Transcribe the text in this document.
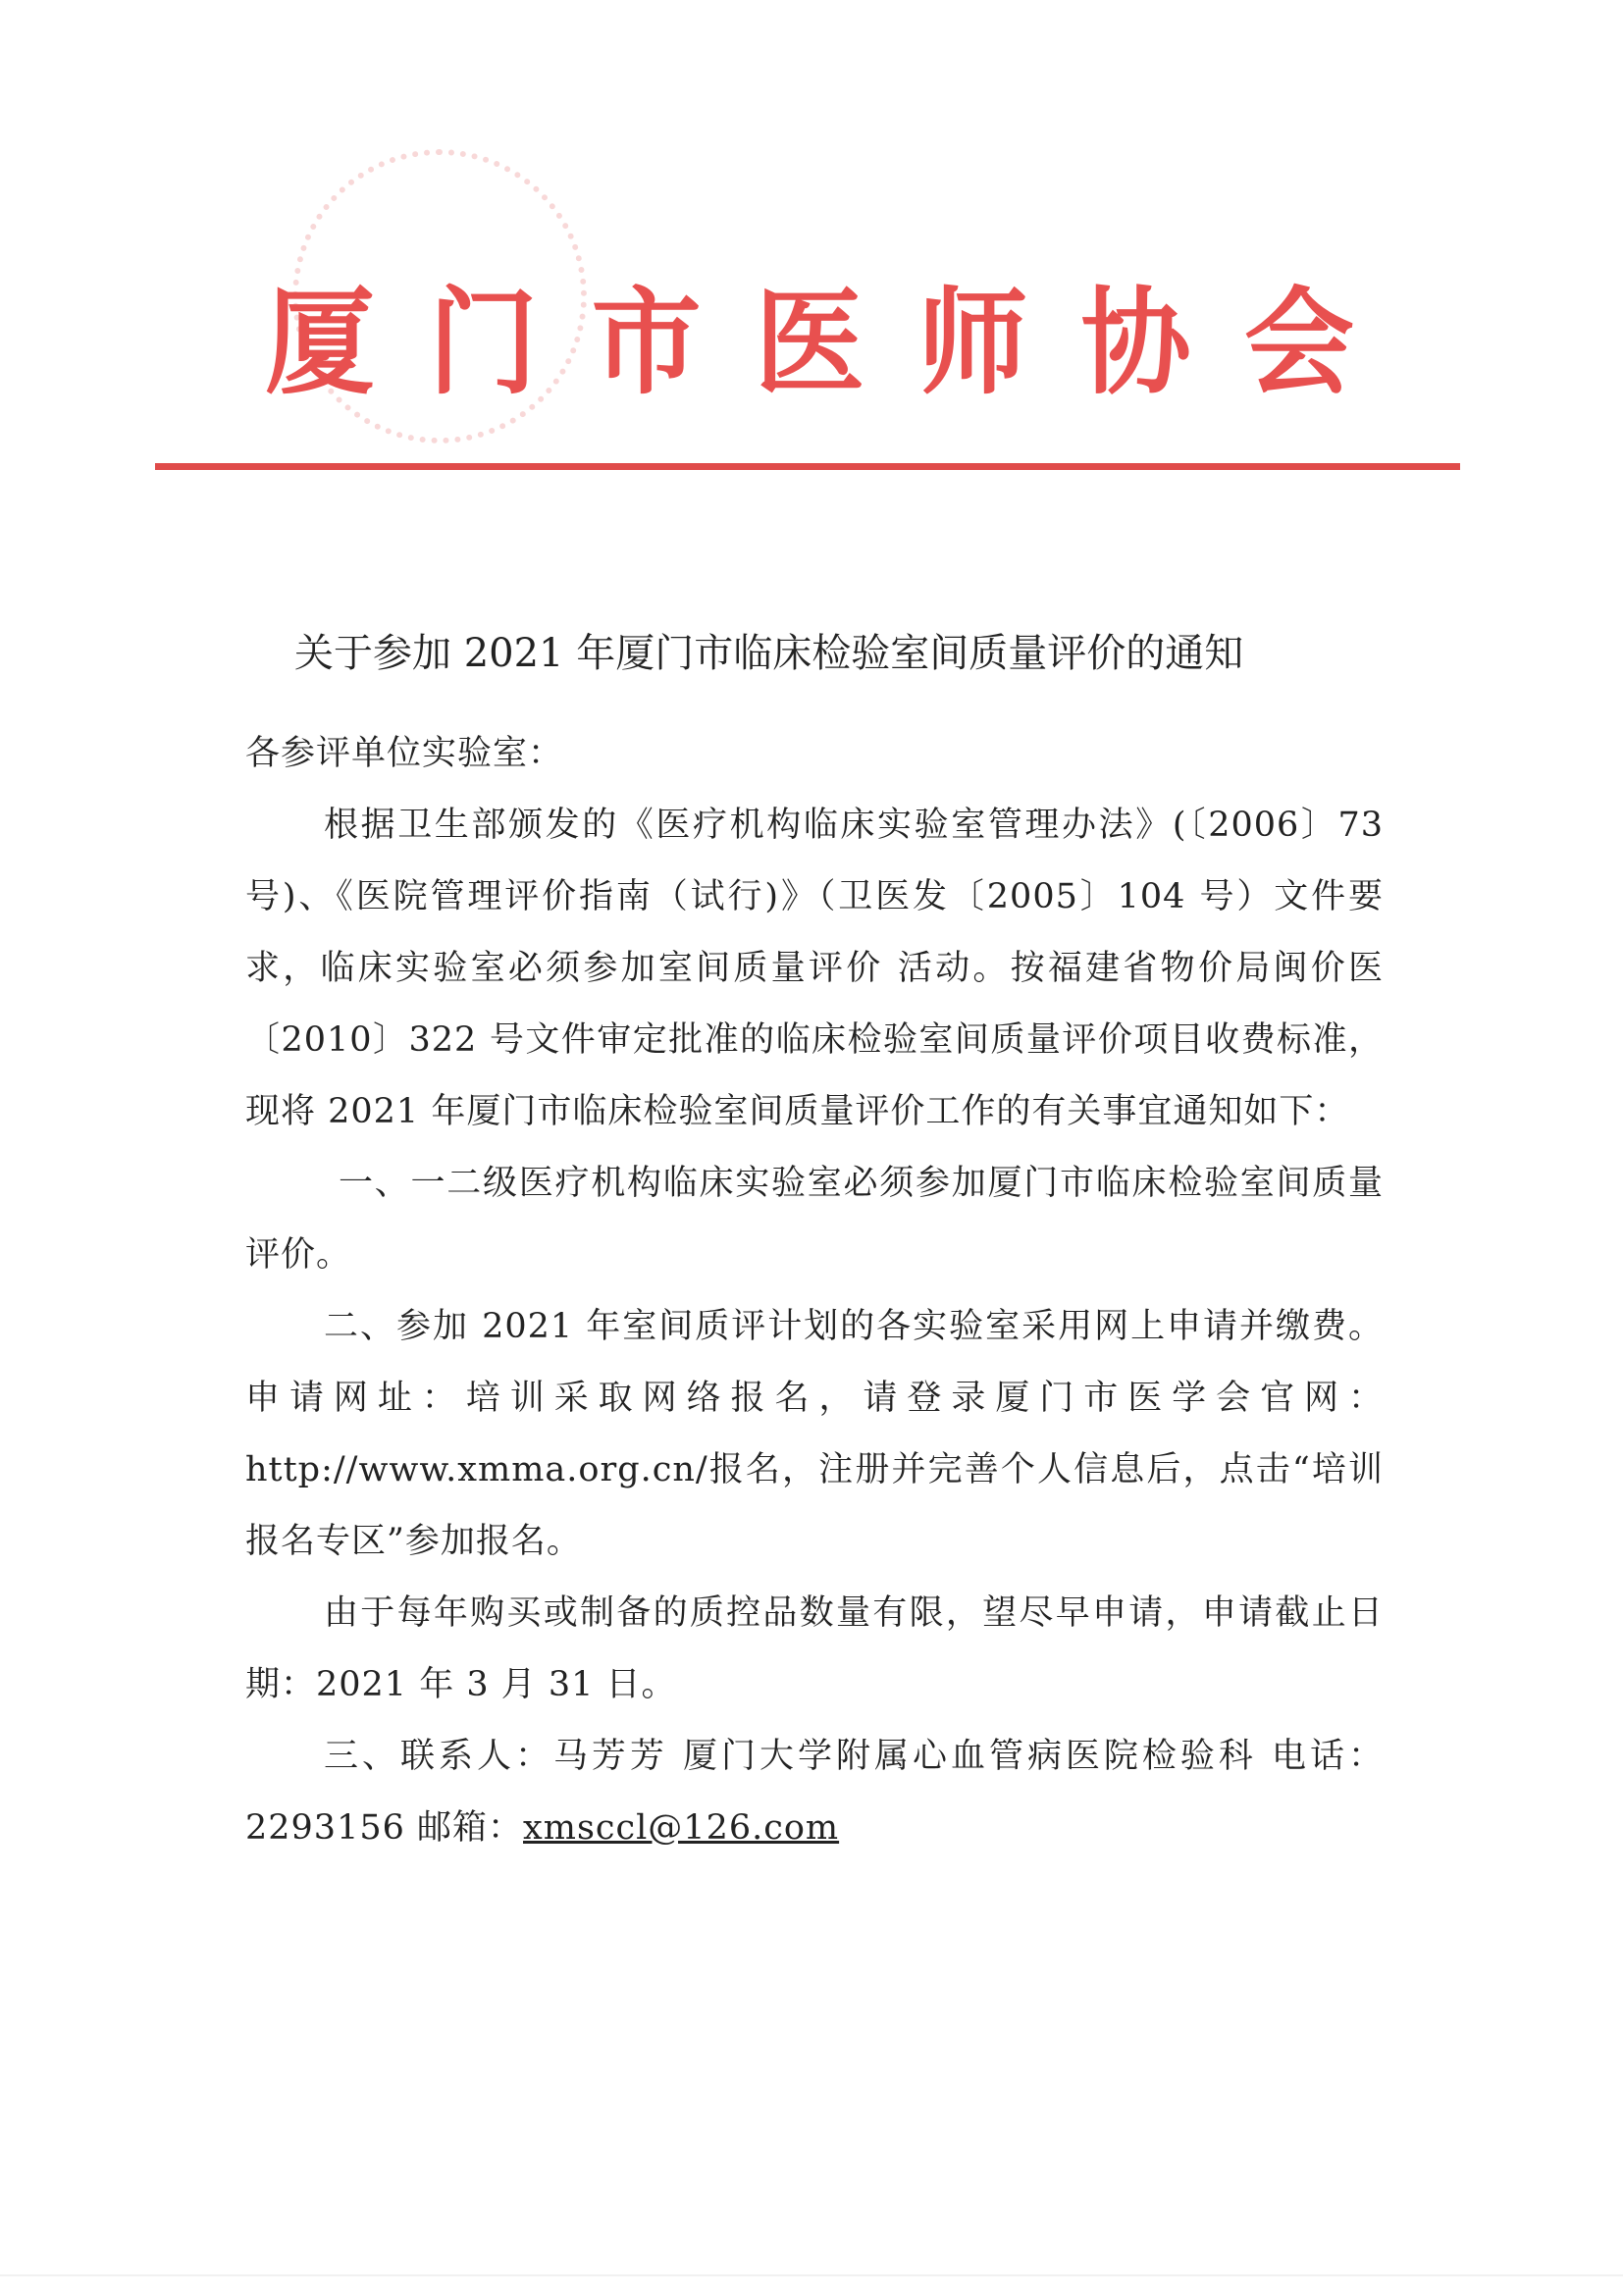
厦 门 市 医 师 协 会
关于参加 2021 年厦门市临床检验室间质量评价的通知

各参评单位实验室：

根据卫生部颁发的《医疗机构临床实验室管理办法》(〔2006〕73号)、《医院管理评价指南（试行)》（卫医发〔2005〕104 号）文件要求，临床实验室必须参加室间质量评价 活动。按福建省物价局闽价医〔2010〕322 号文件审定批准的临床检验室间质量评价项目收费标准，现将 2021 年厦门市临床检验室间质量评价工作的有关事宜通知如下：

一、一二级医疗机构临床实验室必须参加厦门市临床检验室间质量评价。

二、参加 2021 年室间质评计划的各实验室采用网上申请并缴费。申请网址：培训采取网络报名，请登录厦门市医学会官网：http://www.xmma.org.cn/报名，注册并完善个人信息后，点击“培训报名专区”参加报名。

由于每年购买或制备的质控品数量有限，望尽早申请，申请截止日期：2021 年 3 月 31 日。

三、联系人：马芳芳 厦门大学附属心血管病医院检验科 电话：2293156 邮箱：xmsccl@126.com
